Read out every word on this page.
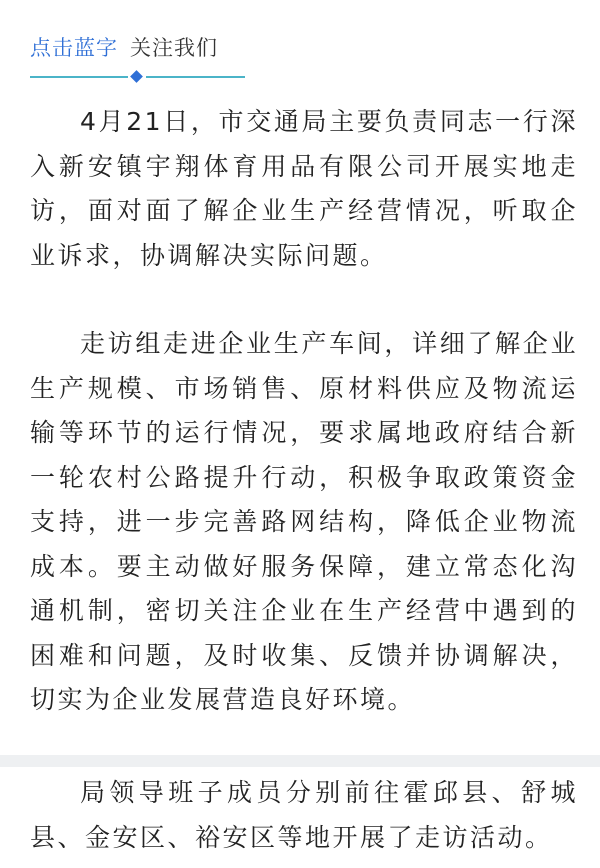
点击蓝字 关注我们

4月21日，市交通局主要负责同志一行深入新安镇宇翔体育用品有限公司开展实地走访，面对面了解企业生产经营情况，听取企业诉求，协调解决实际问题。

走访组走进企业生产车间，详细了解企业生产规模、市场销售、原材料供应及物流运输等环节的运行情况，要求属地政府结合新一轮农村公路提升行动，积极争取政策资金支持，进一步完善路网结构，降低企业物流成本。要主动做好服务保障，建立常态化沟通机制，密切关注企业在生产经营中遇到的困难和问题，及时收集、反馈并协调解决，切实为企业发展营造良好环境。

局领导班子成员分别前往霍邱县、舒城县、金安区、裕安区等地开展了走访活动。
